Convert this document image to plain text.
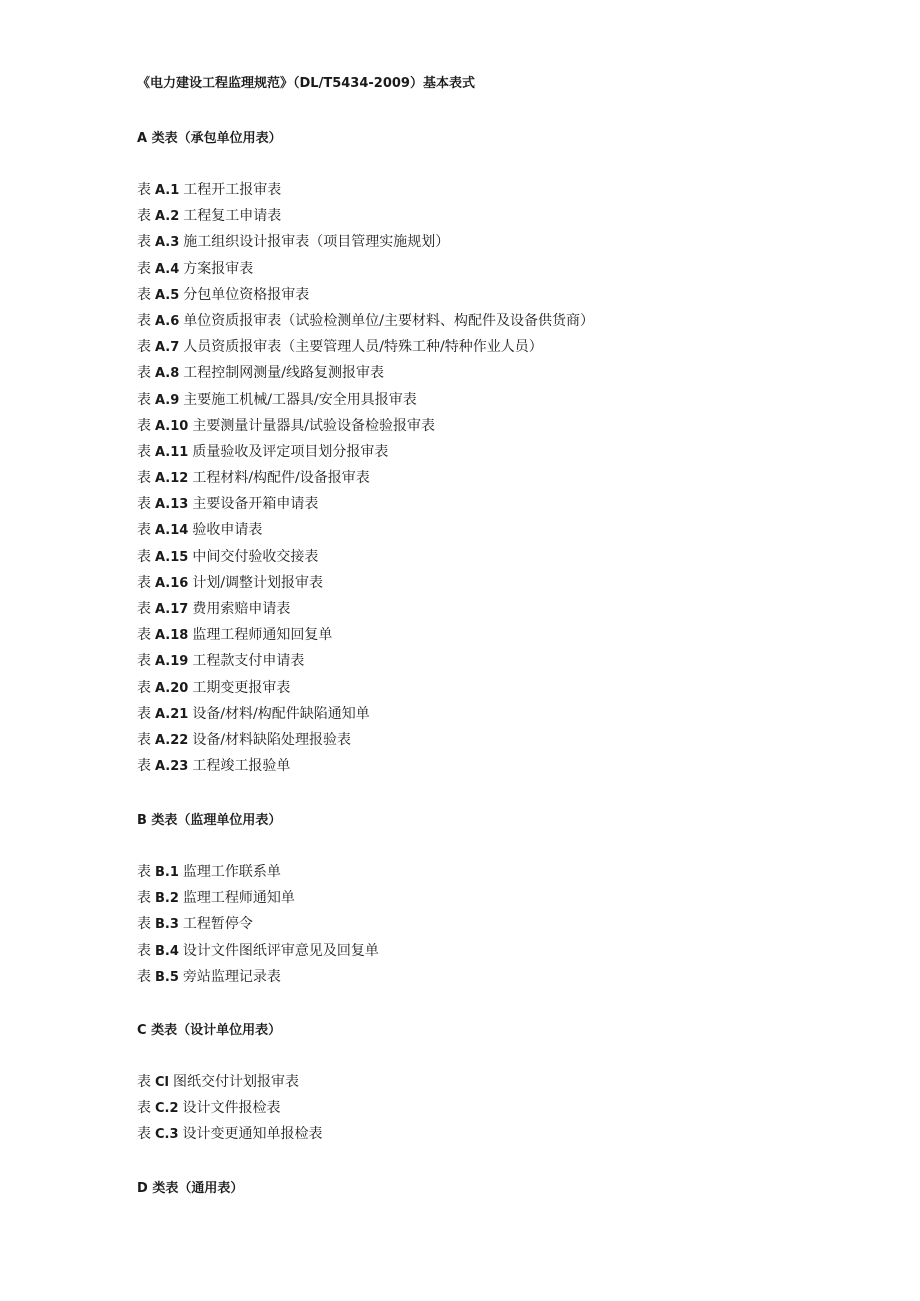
《电力建设工程监理规范》（DL/T5434-2009）基本表式
A 类表（承包单位用表）
表 A.1 工程开工报审表
表 A.2 工程复工申请表
表 A.3 施工组织设计报审表（项目管理实施规划）
表 A.4 方案报审表
表 A.5 分包单位资格报审表
表 A.6 单位资质报审表（试验检测单位/主要材料、构配件及设备供货商）
表 A.7 人员资质报审表（主要管理人员/特殊工种/特种作业人员）
表 A.8 工程控制网测量/线路复测报审表
表 A.9 主要施工机械/工器具/安全用具报审表
表 A.10 主要测量计量器具/试验设备检验报审表
表 A.11 质量验收及评定项目划分报审表
表 A.12 工程材料/构配件/设备报审表
表 A.13 主要设备开箱申请表
表 A.14 验收申请表
表 A.15 中间交付验收交接表
表 A.16 计划/调整计划报审表
表 A.17 费用索赔申请表
表 A.18 监理工程师通知回复单
表 A.19 工程款支付申请表
表 A.20 工期变更报审表
表 A.21 设备/材料/构配件缺陷通知单
表 A.22 设备/材料缺陷处理报验表
表 A.23 工程竣工报验单
B 类表（监理单位用表）
表 B.1 监理工作联系单
表 B.2 监理工程师通知单
表 B.3 工程暂停令
表 B.4 设计文件图纸评审意见及回复单
表 B.5 旁站监理记录表
C 类表（设计单位用表）
表 Cl 图纸交付计划报审表
表 C.2 设计文件报检表
表 C.3 设计变更通知单报检表
D 类表（通用表）
